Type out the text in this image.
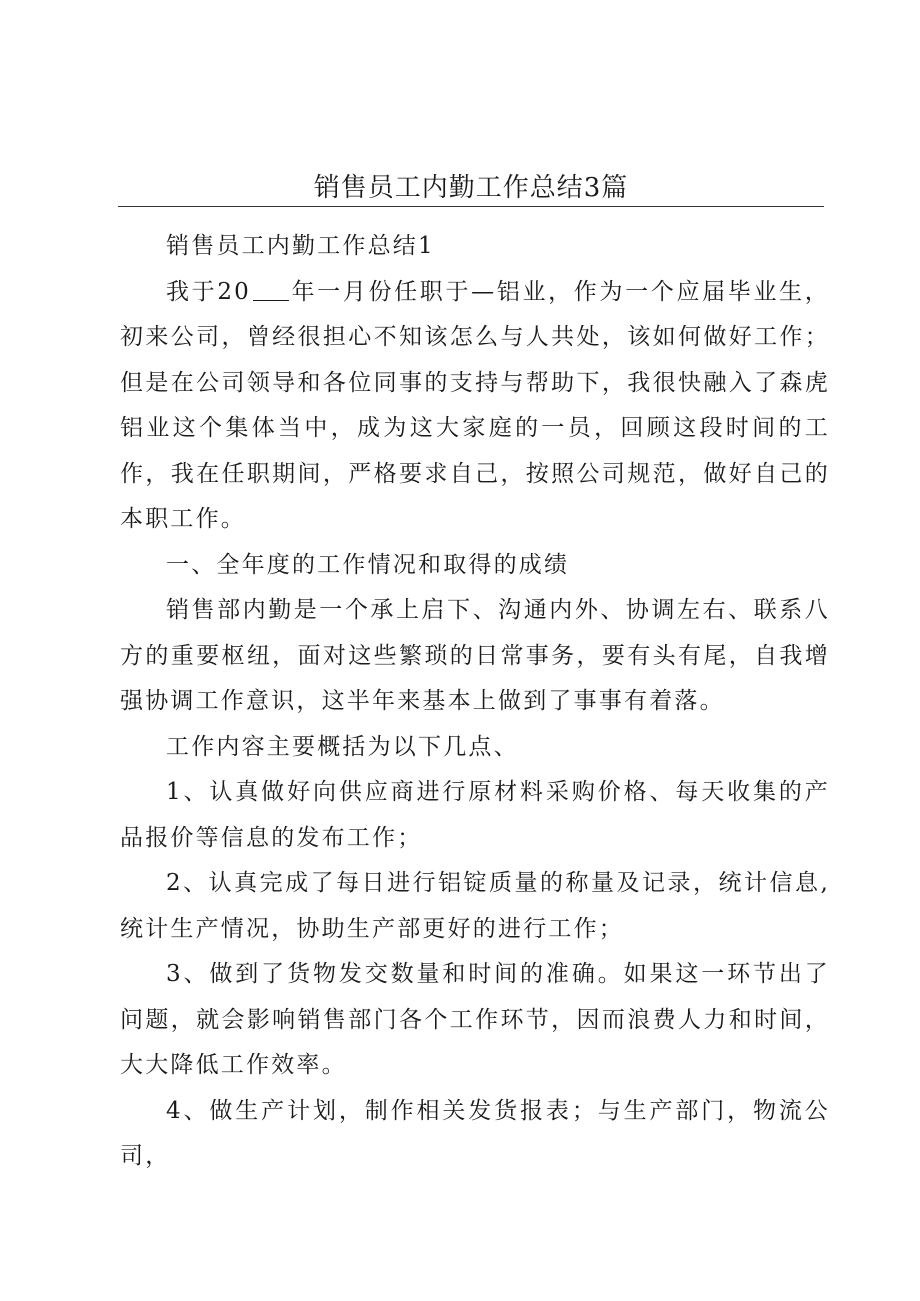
销售员工内勤工作总结3篇

销售员工内勤工作总结1

我于20 年一月份任职于—铝业，作为一个应届毕业生，初来公司，曾经很担心不知该怎么与人共处，该如何做好工作；但是在公司领导和各位同事的支持与帮助下，我很快融入了森虎铝业这个集体当中，成为这大家庭的一员，回顾这段时间的工作，我在任职期间，严格要求自己，按照公司规范，做好自己的本职工作。

一、全年度的工作情况和取得的成绩

销售部内勤是一个承上启下、沟通内外、协调左右、联系八方的重要枢纽，面对这些繁琐的日常事务，要有头有尾，自我增强协调工作意识，这半年来基本上做到了事事有着落。

工作内容主要概括为以下几点、

1、认真做好向供应商进行原材料采购价格、每天收集的产品报价等信息的发布工作；

2、认真完成了每日进行铝锭质量的称量及记录，统计信息,统计生产情况，协助生产部更好的进行工作；

3、做到了货物发交数量和时间的准确。如果这一环节出了问题，就会影响销售部门各个工作环节，因而浪费人力和时间，大大降低工作效率。

4、做生产计划，制作相关发货报表；与生产部门，物流公司，
